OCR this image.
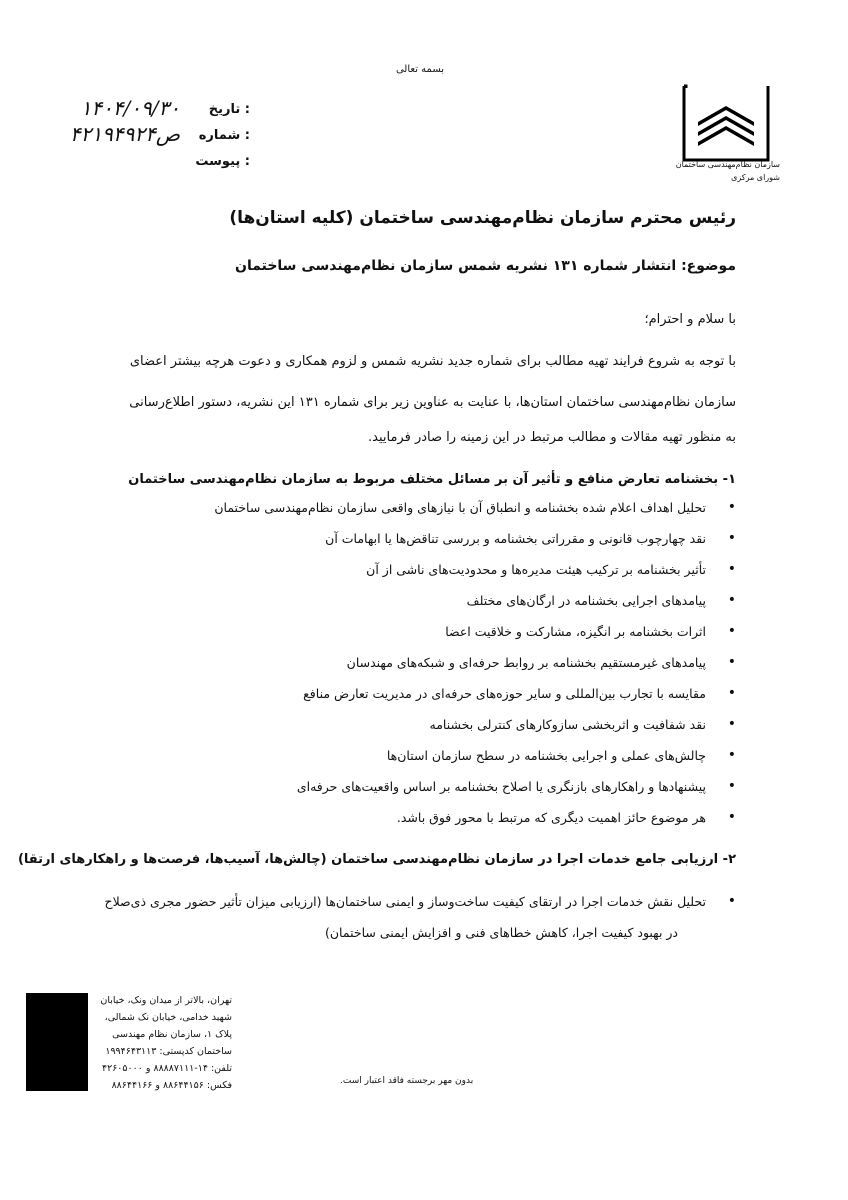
بسمه تعالی
سازمان نظام‌مهندسی ساختمان
شورای مرکزی
تاریخ :
۱۴۰۴/۰۹/۳۰
شماره :
۴۲۱۹۴۹۲۴ص
پیوست :
رئیس محترم سازمان نظام‌مهندسی ساختمان (کلیه استان‌ها)
موضوع: انتشار شماره ۱۳۱ نشریه شمس سازمان نظام‌مهندسی ساختمان
با سلام و احترام؛
با توجه به شروع فرایند تهیه مطالب برای شماره جدید نشریه شمس و لزوم همکاری و دعوت هرچه بیشتر اعضای
سازمان نظام‌مهندسی ساختمان استان‌ها، با عنایت به عناوین زیر برای شماره ۱۳۱ این نشریه، دستور اطلاع‌رسانی
به منظور تهیه مقالات و مطالب مرتبط در این زمینه را صادر فرمایید.
۱- بخشنامه تعارض منافع و تأثیر آن بر مسائل مختلف مربوط به سازمان نظام‌مهندسی ساختمان
تحلیل اهداف اعلام شده بخشنامه و انطباق آن با نیازهای واقعی سازمان نظام‌مهندسی ساختمان •
نقد چهارچوب قانونی و مقرراتی بخشنامه و بررسی تناقض‌ها یا ابهامات آن •
تأثیر بخشنامه بر ترکیب هیئت مدیره‌ها و محدودیت‌های ناشی از آن •
پیامدهای اجرایی بخشنامه در ارگان‌های مختلف •
اثرات بخشنامه بر انگیزه، مشارکت و خلاقیت اعضا •
پیامدهای غیرمستقیم بخشنامه بر روابط حرفه‌ای و شبکه‌های مهندسان •
مقایسه با تجارب بین‌المللی و سایر حوزه‌های حرفه‌ای در مدیریت تعارض منافع •
نقد شفافیت و اثربخشی سازوکارهای کنترلی بخشنامه •
چالش‌های عملی و اجرایی بخشنامه در سطح سازمان استان‌ها •
پیشنهادها و راهکارهای بازنگری یا اصلاح بخشنامه بر اساس واقعیت‌های حرفه‌ای •
هر موضوع حائز اهمیت دیگری که مرتبط با محور فوق باشد. •
۲- ارزیابی جامع خدمات اجرا در سازمان نظام‌مهندسی ساختمان (چالش‌ها، آسیب‌ها، فرصت‌ها و راهکارهای ارتقا)
تحلیل نقش خدمات اجرا در ارتقای کیفیت ساخت‌وساز و ایمنی ساختمان‌ها (ارزیابی میزان تأثیر حضور مجری ذی‌صلاح •
در بهبود کیفیت اجرا، کاهش خطاهای فنی و افزایش ایمنی ساختمان)
تهران، بالاتر از میدان ونک، خیابان
شهید خدامی، خیابان نک شمالی،
پلاک ۱، سازمان نظام مهندسی
ساختمان کدپستی: ۱۹۹۴۶۴۳۱۱۳
تلفن: ۱۴-۸۸۸۸۷۱۱۱ و ۴۲۶۰۵۰۰۰
فکس: ۸۸۶۴۴۱۵۶ و ۸۸۶۴۴۱۶۶	بدون مهر برجسته فاقد اعتبار است.
